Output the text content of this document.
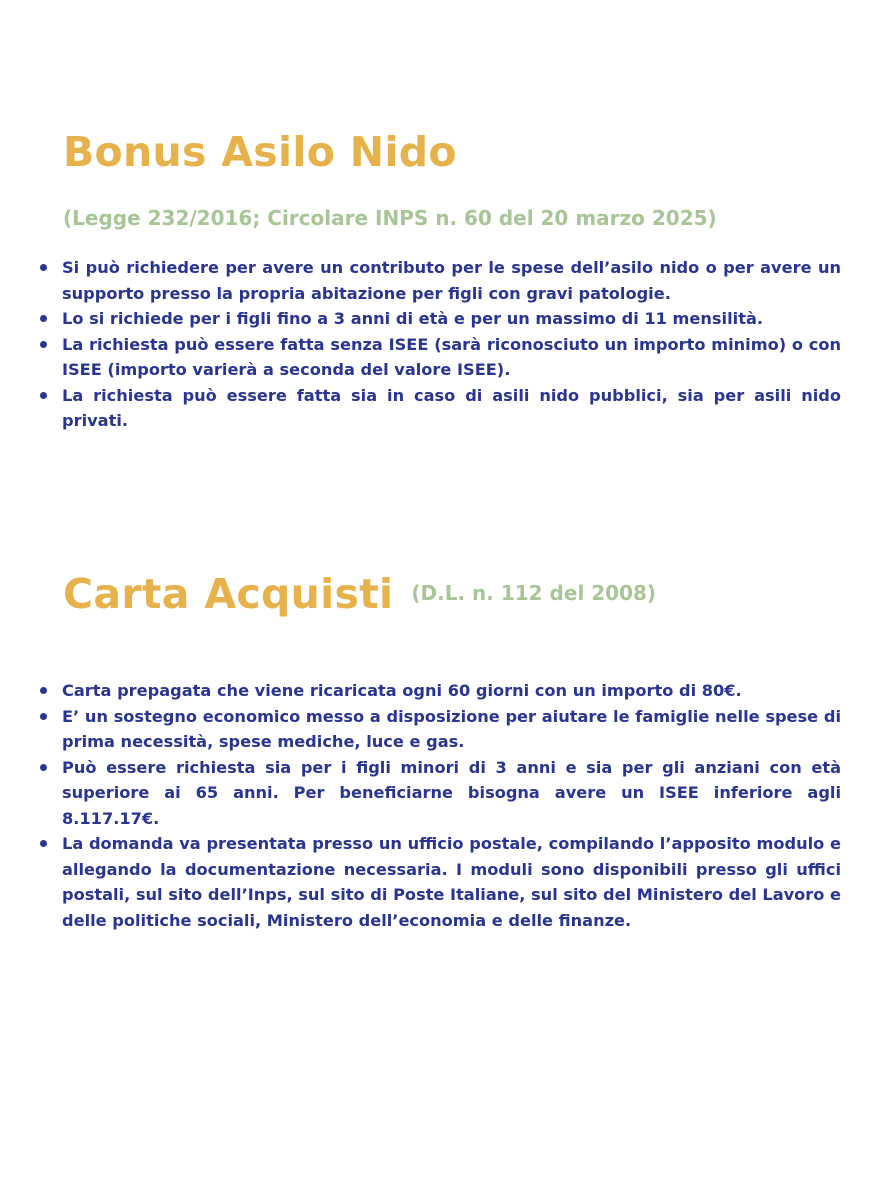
Bonus Asilo Nido
(Legge 232/2016; Circolare INPS n. 60 del 20 marzo 2025)
Si può richiedere per avere un contributo per le spese dell’asilo nido o per avere un supporto presso la propria abitazione per figli con gravi patologie.
Lo si richiede per i figli fino a 3 anni di età e per un massimo di 11 mensilità.
La richiesta può essere fatta senza ISEE (sarà riconosciuto un importo minimo) o con ISEE (importo varierà a seconda del valore ISEE).
La richiesta può essere fatta sia in caso di asili nido pubblici, sia per asili nido privati.
Carta Acquisti (D.L. n. 112 del 2008)
Carta prepagata che viene ricaricata ogni 60 giorni con un importo di 80€.
E’ un sostegno economico messo a disposizione per aiutare le famiglie nelle spese di prima necessità, spese mediche, luce e gas.
Può essere richiesta sia per i figli minori di 3 anni e sia per gli anziani con età superiore ai 65 anni. Per beneficiarne bisogna avere un ISEE inferiore agli 8.117.17€.
La domanda va presentata presso un ufficio postale, compilando l’apposito modulo e allegando la documentazione necessaria. I moduli sono disponibili presso gli uffici postali, sul sito dell’Inps, sul sito di Poste Italiane, sul sito del Ministero del Lavoro e delle politiche sociali, Ministero dell’economia e delle finanze.
